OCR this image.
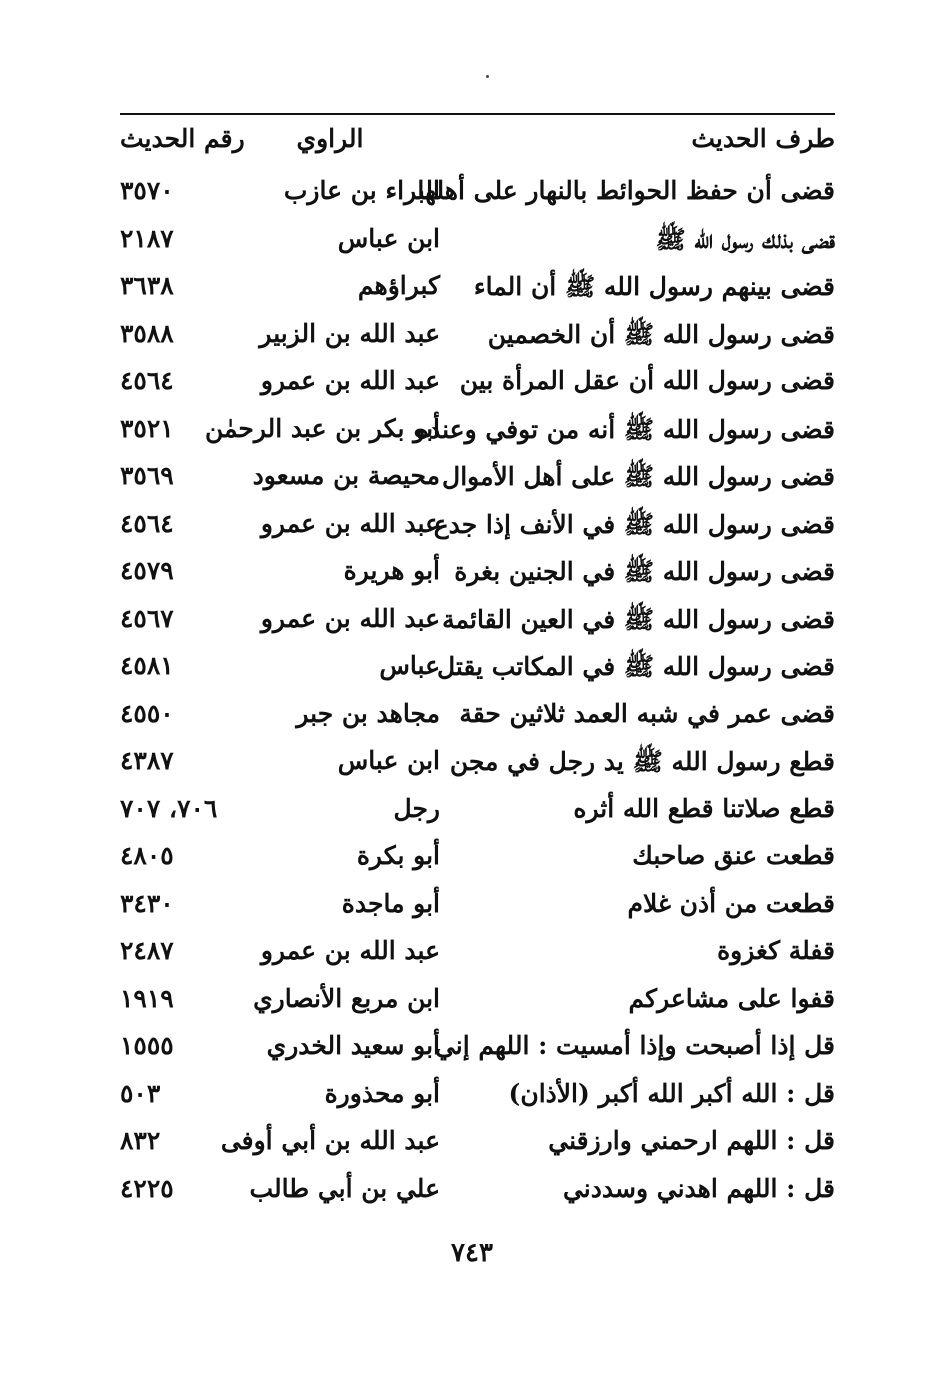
طرف الحديث
الراوي
رقم الحديث
قضى أن حفظ الحوائط بالنهار على أهلها
البراء بن عازب
٣٥٧٠
قضى بذلك رسول الله ﷺ
ابن عباس
٢١٨٧
قضى بينهم رسول الله ﷺ أن الماء
كبراؤهم
٣٦٣٨
قضى رسول الله ﷺ أن الخصمين
عبد الله بن الزبير
٣٥٨٨
قضى رسول الله أن عقل المرأة بين
عبد الله بن عمرو
٤٥٦٤
قضى رسول الله ﷺ أنه من توفي وعنده
أبو بكر بن عبد الرحمٰن
٣٥٢١
قضى رسول الله ﷺ على أهل الأموال
محيصة بن مسعود
٣٥٦٩
قضى رسول الله ﷺ في الأنف إذا جدع
عبد الله بن عمرو
٤٥٦٤
قضى رسول الله ﷺ في الجنين بغرة
أبو هريرة
٤٥٧٩
قضى رسول الله ﷺ في العين القائمة
عبد الله بن عمرو
٤٥٦٧
قضى رسول الله ﷺ في المكاتب يقتل
عباس
٤٥٨١
قضى عمر في شبه العمد ثلاثين حقة
مجاهد بن جبر
٤٥٥٠
قطع رسول الله ﷺ يد رجل في مجن
ابن عباس
٤٣٨٧
قطع صلاتنا قطع الله أثره
رجل
٧٠٦، ٧٠٧
قطعت عنق صاحبك
أبو بكرة
٤٨٠٥
قطعت من أذن غلام
أبو ماجدة
٣٤٣٠
قفلة كغزوة
عبد الله بن عمرو
٢٤٨٧
قفوا على مشاعركم
ابن مربع الأنصاري
١٩١٩
قل إذا أصبحت وإذا أمسيت : اللهم إني
أبو سعيد الخدري
١٥٥٥
قل : الله أكبر الله أكبر (الأذان)
أبو محذورة
٥٠٣
قل : اللهم ارحمني وارزقني
عبد الله بن أبي أوفى
٨٣٢
قل : اللهم اهدني وسددني
علي بن أبي طالب
٤٢٢٥
٧٤٣
